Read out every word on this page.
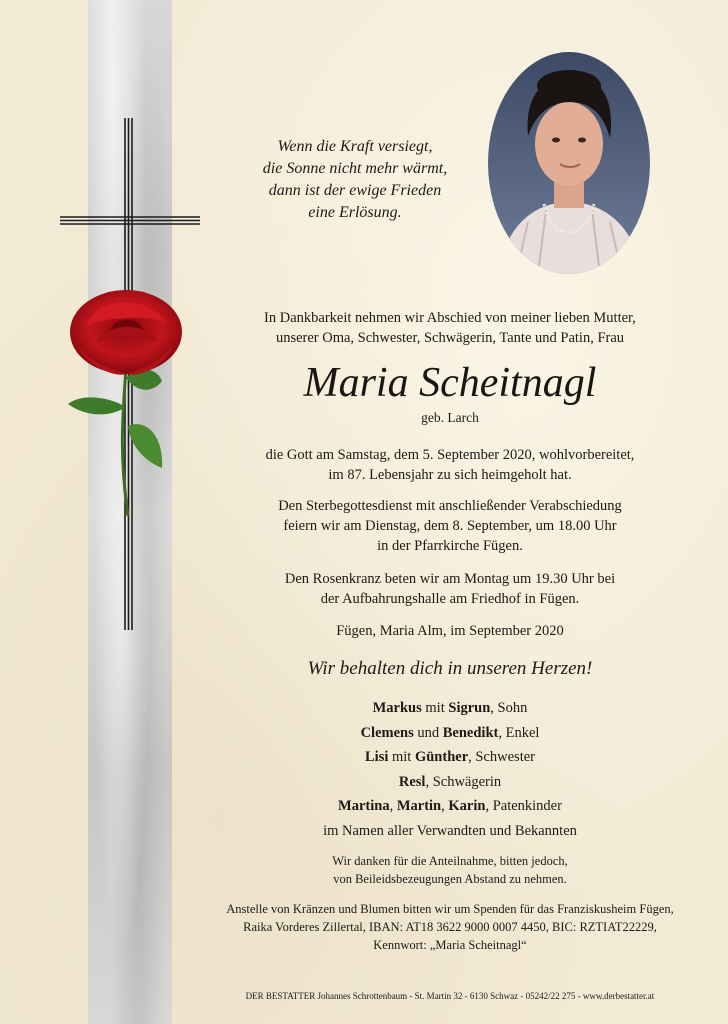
Wenn die Kraft versiegt,
die Sonne nicht mehr wärmt,
dann ist der ewige Frieden
eine Erlösung.
In Dankbarkeit nehmen wir Abschied von meiner lieben Mutter,
unserer Oma, Schwester, Schwägerin, Tante und Patin, Frau
Maria Scheitnagl
geb. Larch
die Gott am Samstag, dem 5. September 2020, wohlvorbereitet,
im 87. Lebensjahr zu sich heimgeholt hat.
Den Sterbegottesdienst mit anschließender Verabschiedung
feiern wir am Dienstag, dem 8. September, um 18.00 Uhr
in der Pfarrkirche Fügen.
Den Rosenkranz beten wir am Montag um 19.30 Uhr bei
der Aufbahrungshalle am Friedhof in Fügen.
Fügen, Maria Alm, im September 2020
Wir behalten dich in unseren Herzen!
Markus mit Sigrun, Sohn
Clemens und Benedikt, Enkel
Lisi mit Günther, Schwester
Resl, Schwägerin
Martina, Martin, Karin, Patenkinder
im Namen aller Verwandten und Bekannten
Wir danken für die Anteilnahme, bitten jedoch,
von Beileidsbezeugungen Abstand zu nehmen.
Anstelle von Kränzen und Blumen bitten wir um Spenden für das Franziskusheim Fügen,
Raika Vorderes Zillertal, IBAN: AT18 3622 9000 0007 4450, BIC: RZTIAT22229,
Kennwort: „Maria Scheitnagl“
DER BESTATTER Johannes Schrottenbaum - St. Martin 32 - 6130 Schwaz - 05242/22 275 - www.derbestatter.at
